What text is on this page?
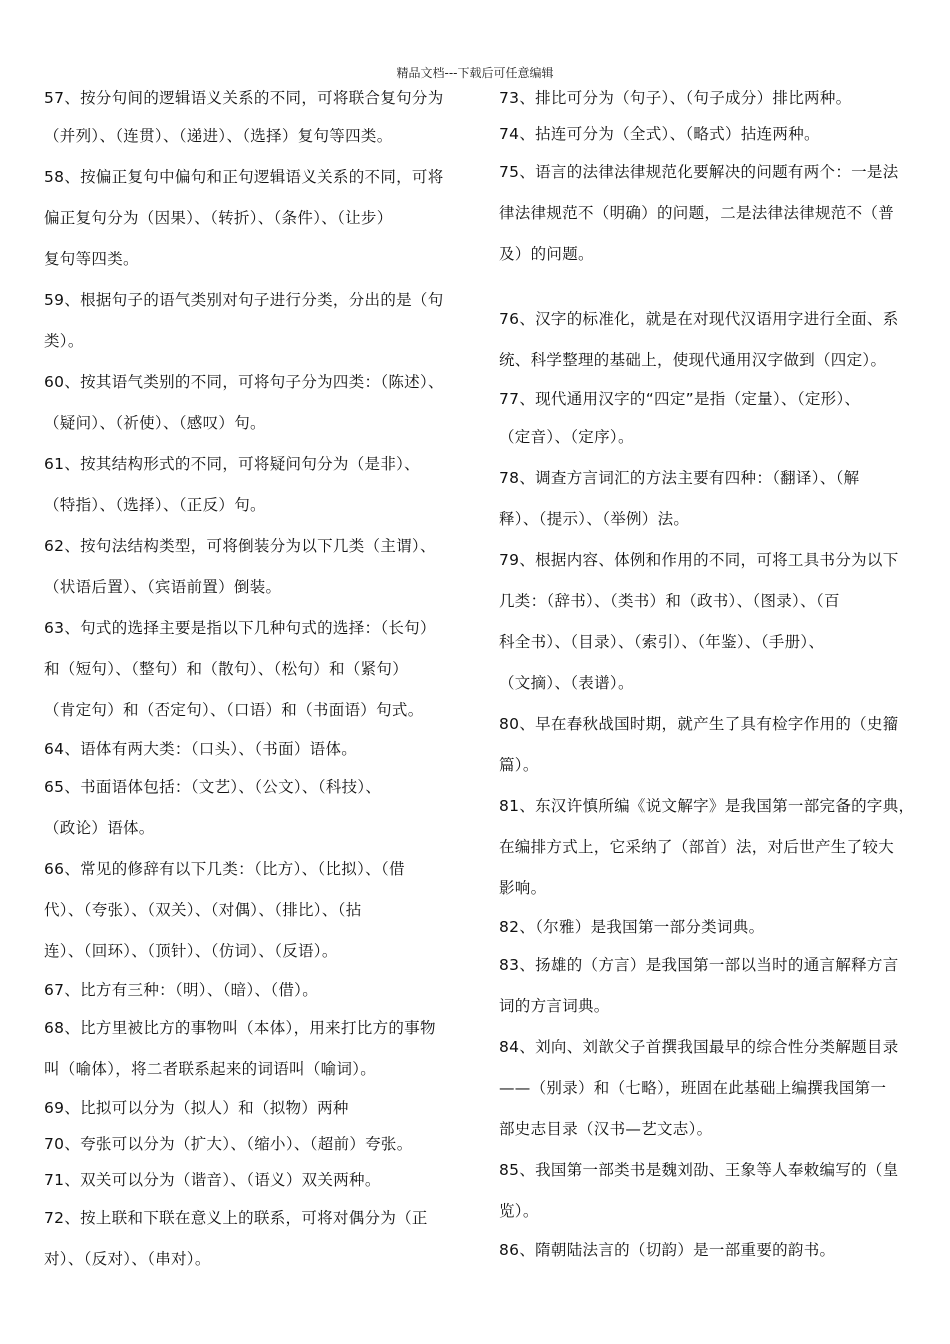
精品文档---下载后可任意编辑
57、按分句间的逻辑语义关系的不同，可将联合复句分为
（并列）、（连贯）、（递进）、（选择）复句等四类。
58、按偏正复句中偏句和正句逻辑语义关系的不同，可将
偏正复句分为（因果）、（转折）、（条件）、（让步）
复句等四类。
59、根据句子的语气类别对句子进行分类，分出的是（句
类）。
60、按其语气类别的不同，可将句子分为四类：（陈述）、
（疑问）、（祈使）、（感叹）句。
61、按其结构形式的不同，可将疑问句分为（是非）、
（特指）、（选择）、（正反）句。
62、按句法结构类型，可将倒装分为以下几类（主谓）、
（状语后置）、（宾语前置）倒装。
63、句式的选择主要是指以下几种句式的选择：（长句）
和（短句）、（整句）和（散句）、（松句）和（紧句）
（肯定句）和（否定句）、（口语）和（书面语）句式。
64、语体有两大类：（口头）、（书面）语体。
65、书面语体包括：（文艺）、（公文）、（科技）、
（政论）语体。
66、常见的修辞有以下几类：（比方）、（比拟）、（借
代）、（夸张）、（双关）、（对偶）、（排比）、（拈
连）、（回环）、（顶针）、（仿词）、（反语）。
67、比方有三种：（明）、（暗）、（借）。
68、比方里被比方的事物叫（本体），用来打比方的事物
叫（喻体），将二者联系起来的词语叫（喻词）。
69、比拟可以分为（拟人）和（拟物）两种
70、夸张可以分为（扩大）、（缩小）、（超前）夸张。
71、双关可以分为（谐音）、（语义）双关两种。
72、按上联和下联在意义上的联系，可将对偶分为（正
对）、（反对）、（串对）。
73、排比可分为（句子）、（句子成分）排比两种。
74、拈连可分为（全式）、（略式）拈连两种。
75、语言的法律法律规范化要解决的问题有两个：一是法
律法律规范不（明确）的问题，二是法律法律规范不（普
及）的问题。
76、汉字的标准化，就是在对现代汉语用字进行全面、系
统、科学整理的基础上，使现代通用汉字做到（四定）。
77、现代通用汉字的“四定”是指（定量）、（定形）、
（定音）、（定序）。
78、调查方言词汇的方法主要有四种：（翻译）、（解
释）、（提示）、（举例）法。
79、根据内容、体例和作用的不同，可将工具书分为以下
几类：（辞书）、（类书）和（政书）、（图录）、（百
科全书）、（目录）、（索引）、（年鉴）、（手册）、
（文摘）、（表谱）。
80、早在春秋战国时期，就产生了具有检字作用的（史籀
篇）。
81、东汉许慎所编《说文解字》是我国第一部完备的字典，
在编排方式上，它采纳了（部首）法，对后世产生了较大
影响。
82、（尔雅）是我国第一部分类词典。
83、扬雄的（方言）是我国第一部以当时的通言解释方言
词的方言词典。
84、刘向、刘歆父子首撰我国最早的综合性分类解题目录
——（别录）和（七略），班固在此基础上编撰我国第一
部史志目录（汉书—艺文志）。
85、我国第一部类书是魏刘劭、王象等人奉敕编写的（皇
览）。
86、隋朝陆法言的（切韵）是一部重要的韵书。
